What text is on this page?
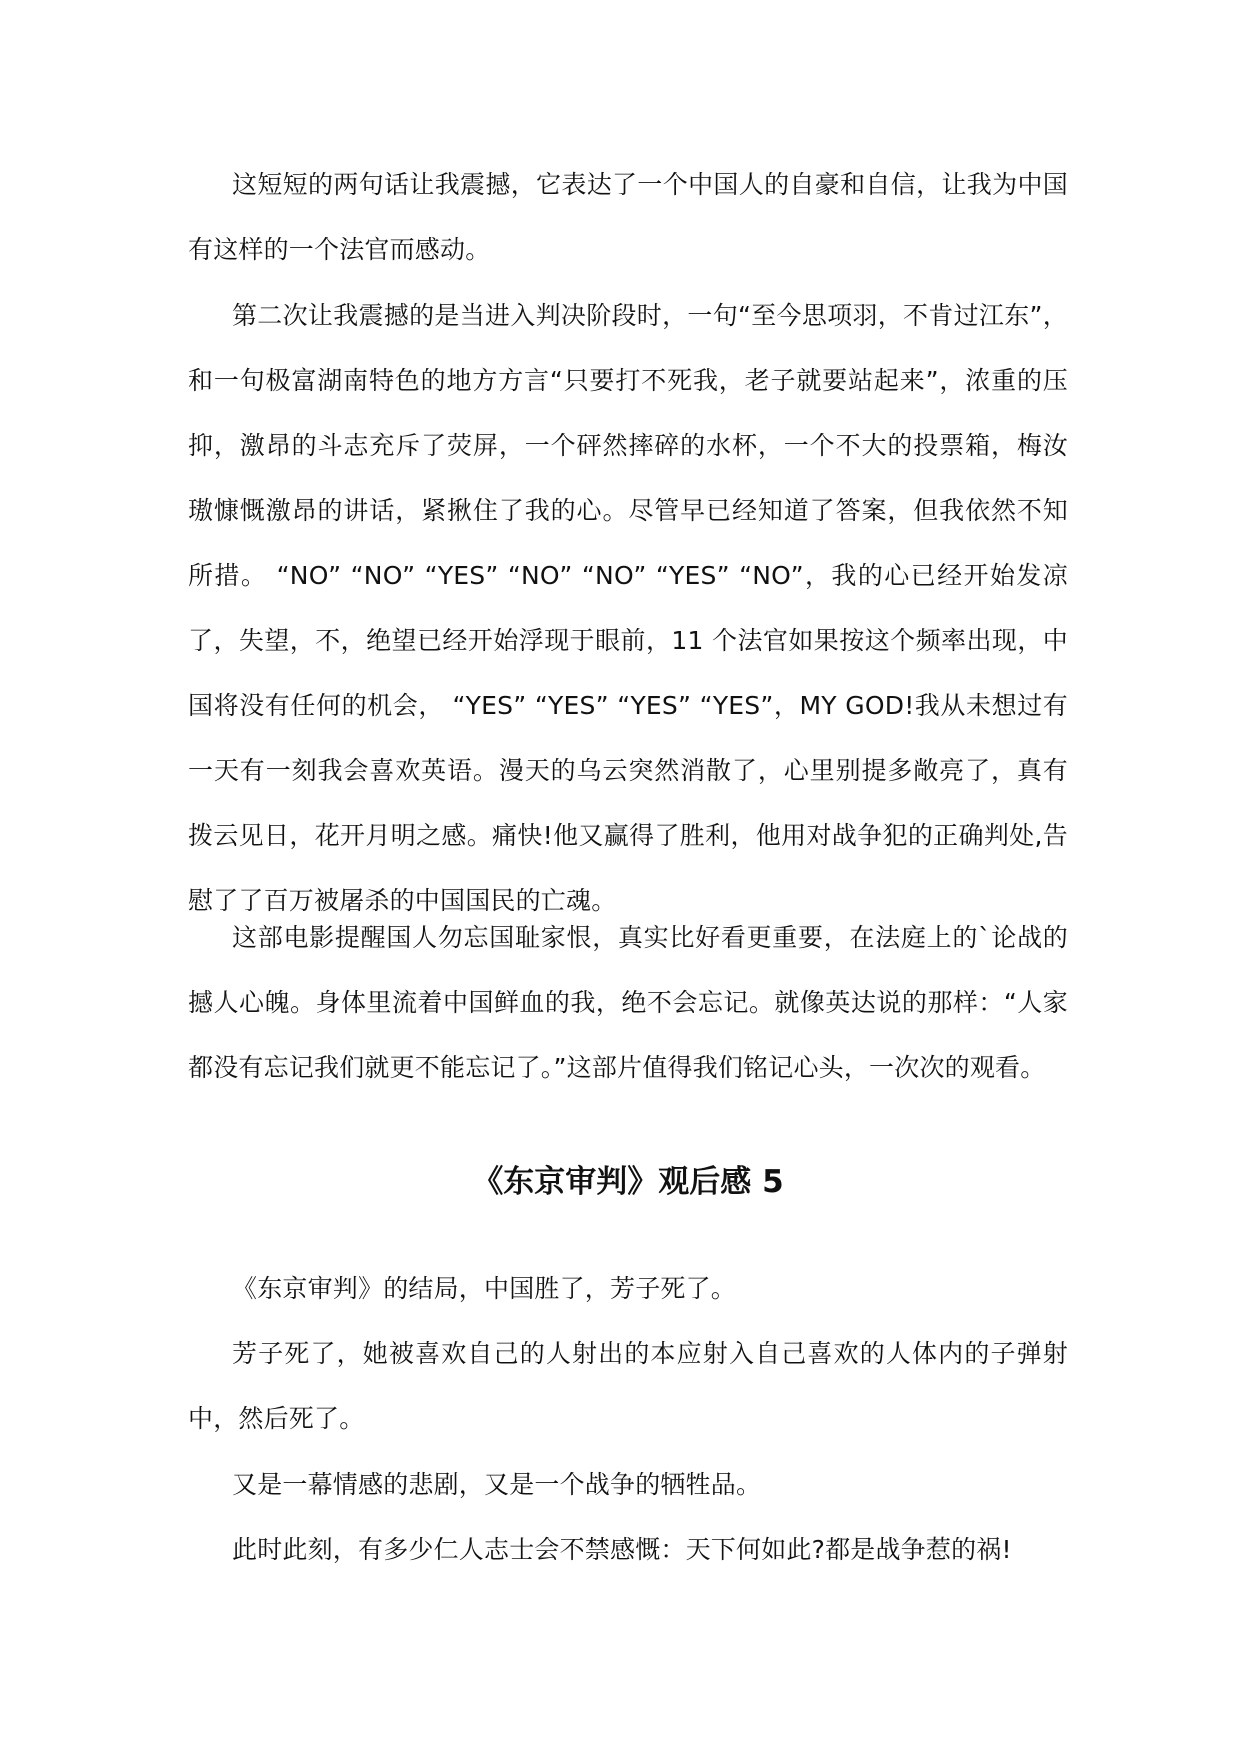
这短短的两句话让我震撼，它表达了一个中国人的自豪和自信，让我为中国有这样的一个法官而感动。

第二次让我震撼的是当进入判决阶段时，一句“至今思项羽，不肯过江东”，和一句极富湖南特色的地方方言“只要打不死我，老子就要站起来”，浓重的压抑，激昂的斗志充斥了荧屏，一个砰然摔碎的水杯，一个不大的投票箱，梅汝璈慷慨激昂的讲话，紧揪住了我的心。尽管早已经知道了答案，但我依然不知所措。 “NO” “NO” “YES” “NO” “NO” “YES” “NO”，我的心已经开始发凉了，失望，不，绝望已经开始浮现于眼前，11 个法官如果按这个频率出现，中国将没有任何的机会， “YES” “YES” “YES” “YES”，MY GOD!我从未想过有一天有一刻我会喜欢英语。漫天的乌云突然消散了，心里别提多敞亮了，真有拨云见日，花开月明之感。痛快!他又赢得了胜利，他用对战争犯的正确判处,告慰了了百万被屠杀的中国国民的亡魂。

这部电影提醒国人勿忘国耻家恨，真实比好看更重要，在法庭上的`论战的撼人心魄。身体里流着中国鲜血的我，绝不会忘记。就像英达说的那样：“人家都没有忘记我们就更不能忘记了。”这部片值得我们铭记心头，一次次的观看。

《东京审判》观后感 5

《东京审判》的结局，中国胜了，芳子死了。

芳子死了，她被喜欢自己的人射出的本应射入自己喜欢的人体内的子弹射中，然后死了。

又是一幕情感的悲剧，又是一个战争的牺牲品。

此时此刻，有多少仁人志士会不禁感慨：天下何如此?都是战争惹的祸!
